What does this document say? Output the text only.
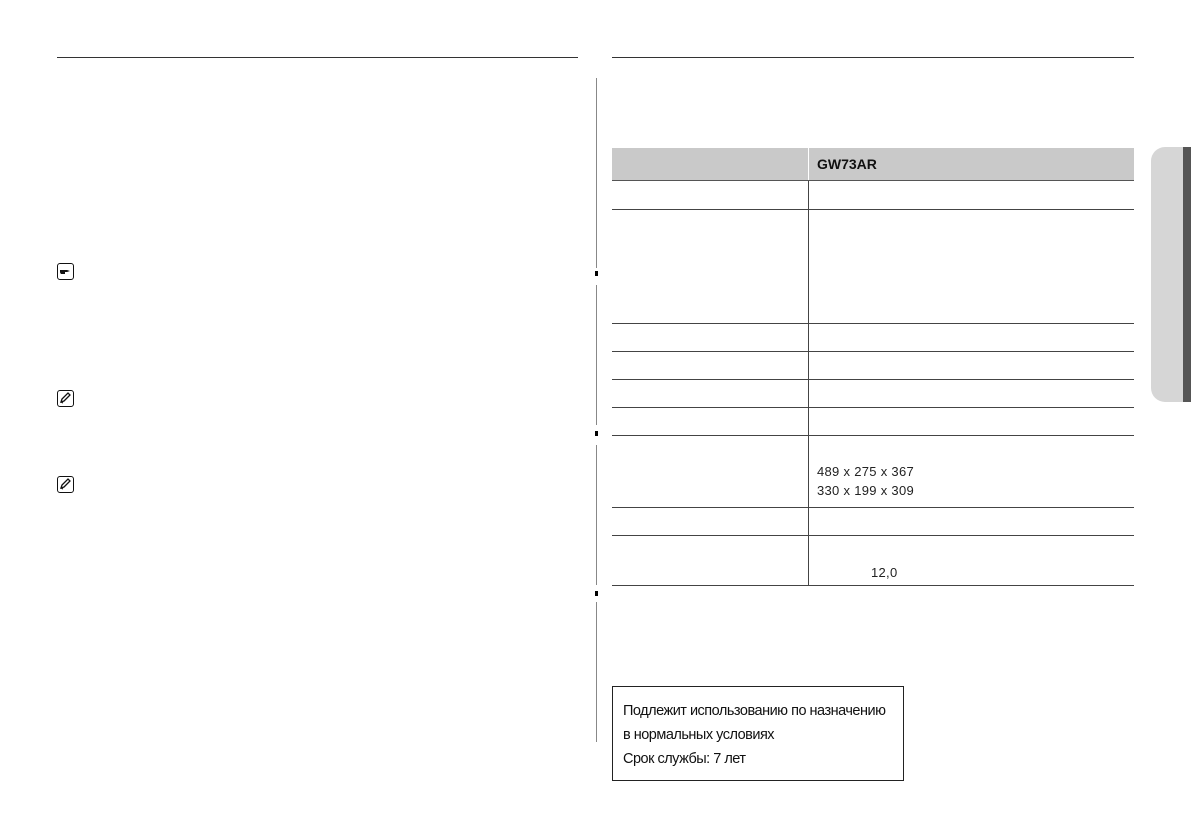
GW73AR
489 x 275 x 367
330 x 199 x 309
12,0
Подлежит использованию по назначению
в нормальных условиях
Срок службы: 7 лет
